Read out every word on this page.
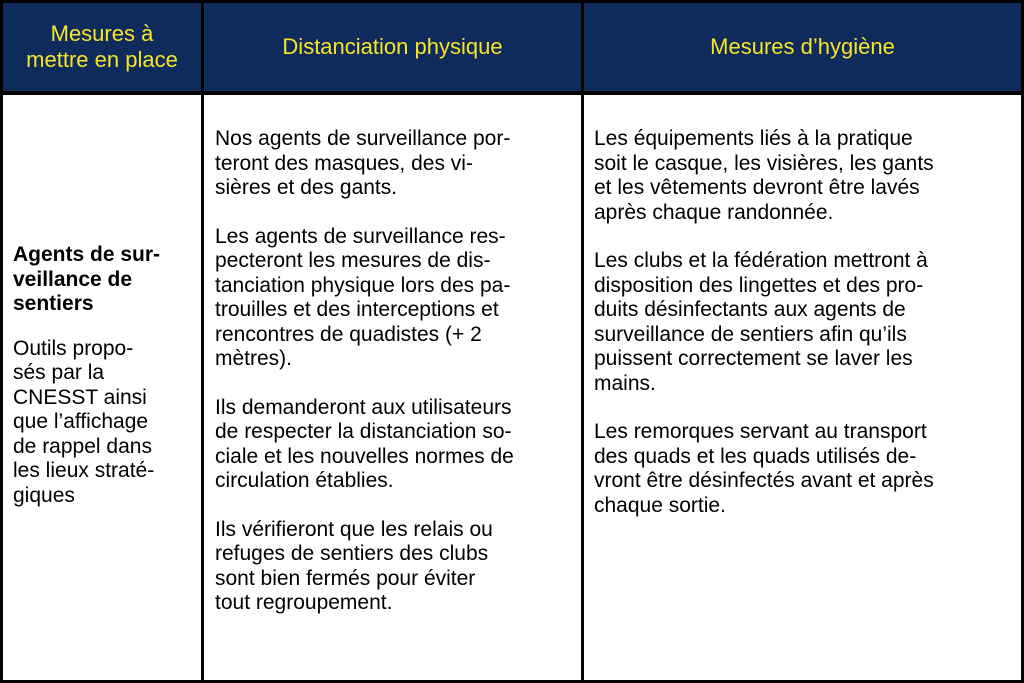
Mesures à
mettre en place
Distanciation physique	Mesures d’hygiène

Agents de sur-
veillance de
sentiers

Outils propo-
sés par la
CNESST ainsi
que l’affichage
de rappel dans
les lieux straté-
giques

Nos agents de surveillance por-
teront des masques, des vi-
sières et des gants.

Les agents de surveillance res-
pecteront les mesures de dis-
tanciation physique lors des pa-
trouilles et des interceptions et
rencontres de quadistes (+ 2
mètres).

Ils demanderont aux utilisateurs
de respecter la distanciation so-
ciale et les nouvelles normes de
circulation établies.

Ils vérifieront que les relais ou
refuges de sentiers des clubs
sont bien fermés pour éviter
tout regroupement.

Les équipements liés à la pratique
soit le casque, les visières, les gants
et les vêtements devront être lavés
après chaque randonnée.

Les clubs et la fédération mettront à
disposition des lingettes et des pro-
duits désinfectants aux agents de
surveillance de sentiers afin qu’ils
puissent correctement se laver les
mains.

Les remorques servant au transport
des quads et les quads utilisés de-
vront être désinfectés avant et après
chaque sortie.
